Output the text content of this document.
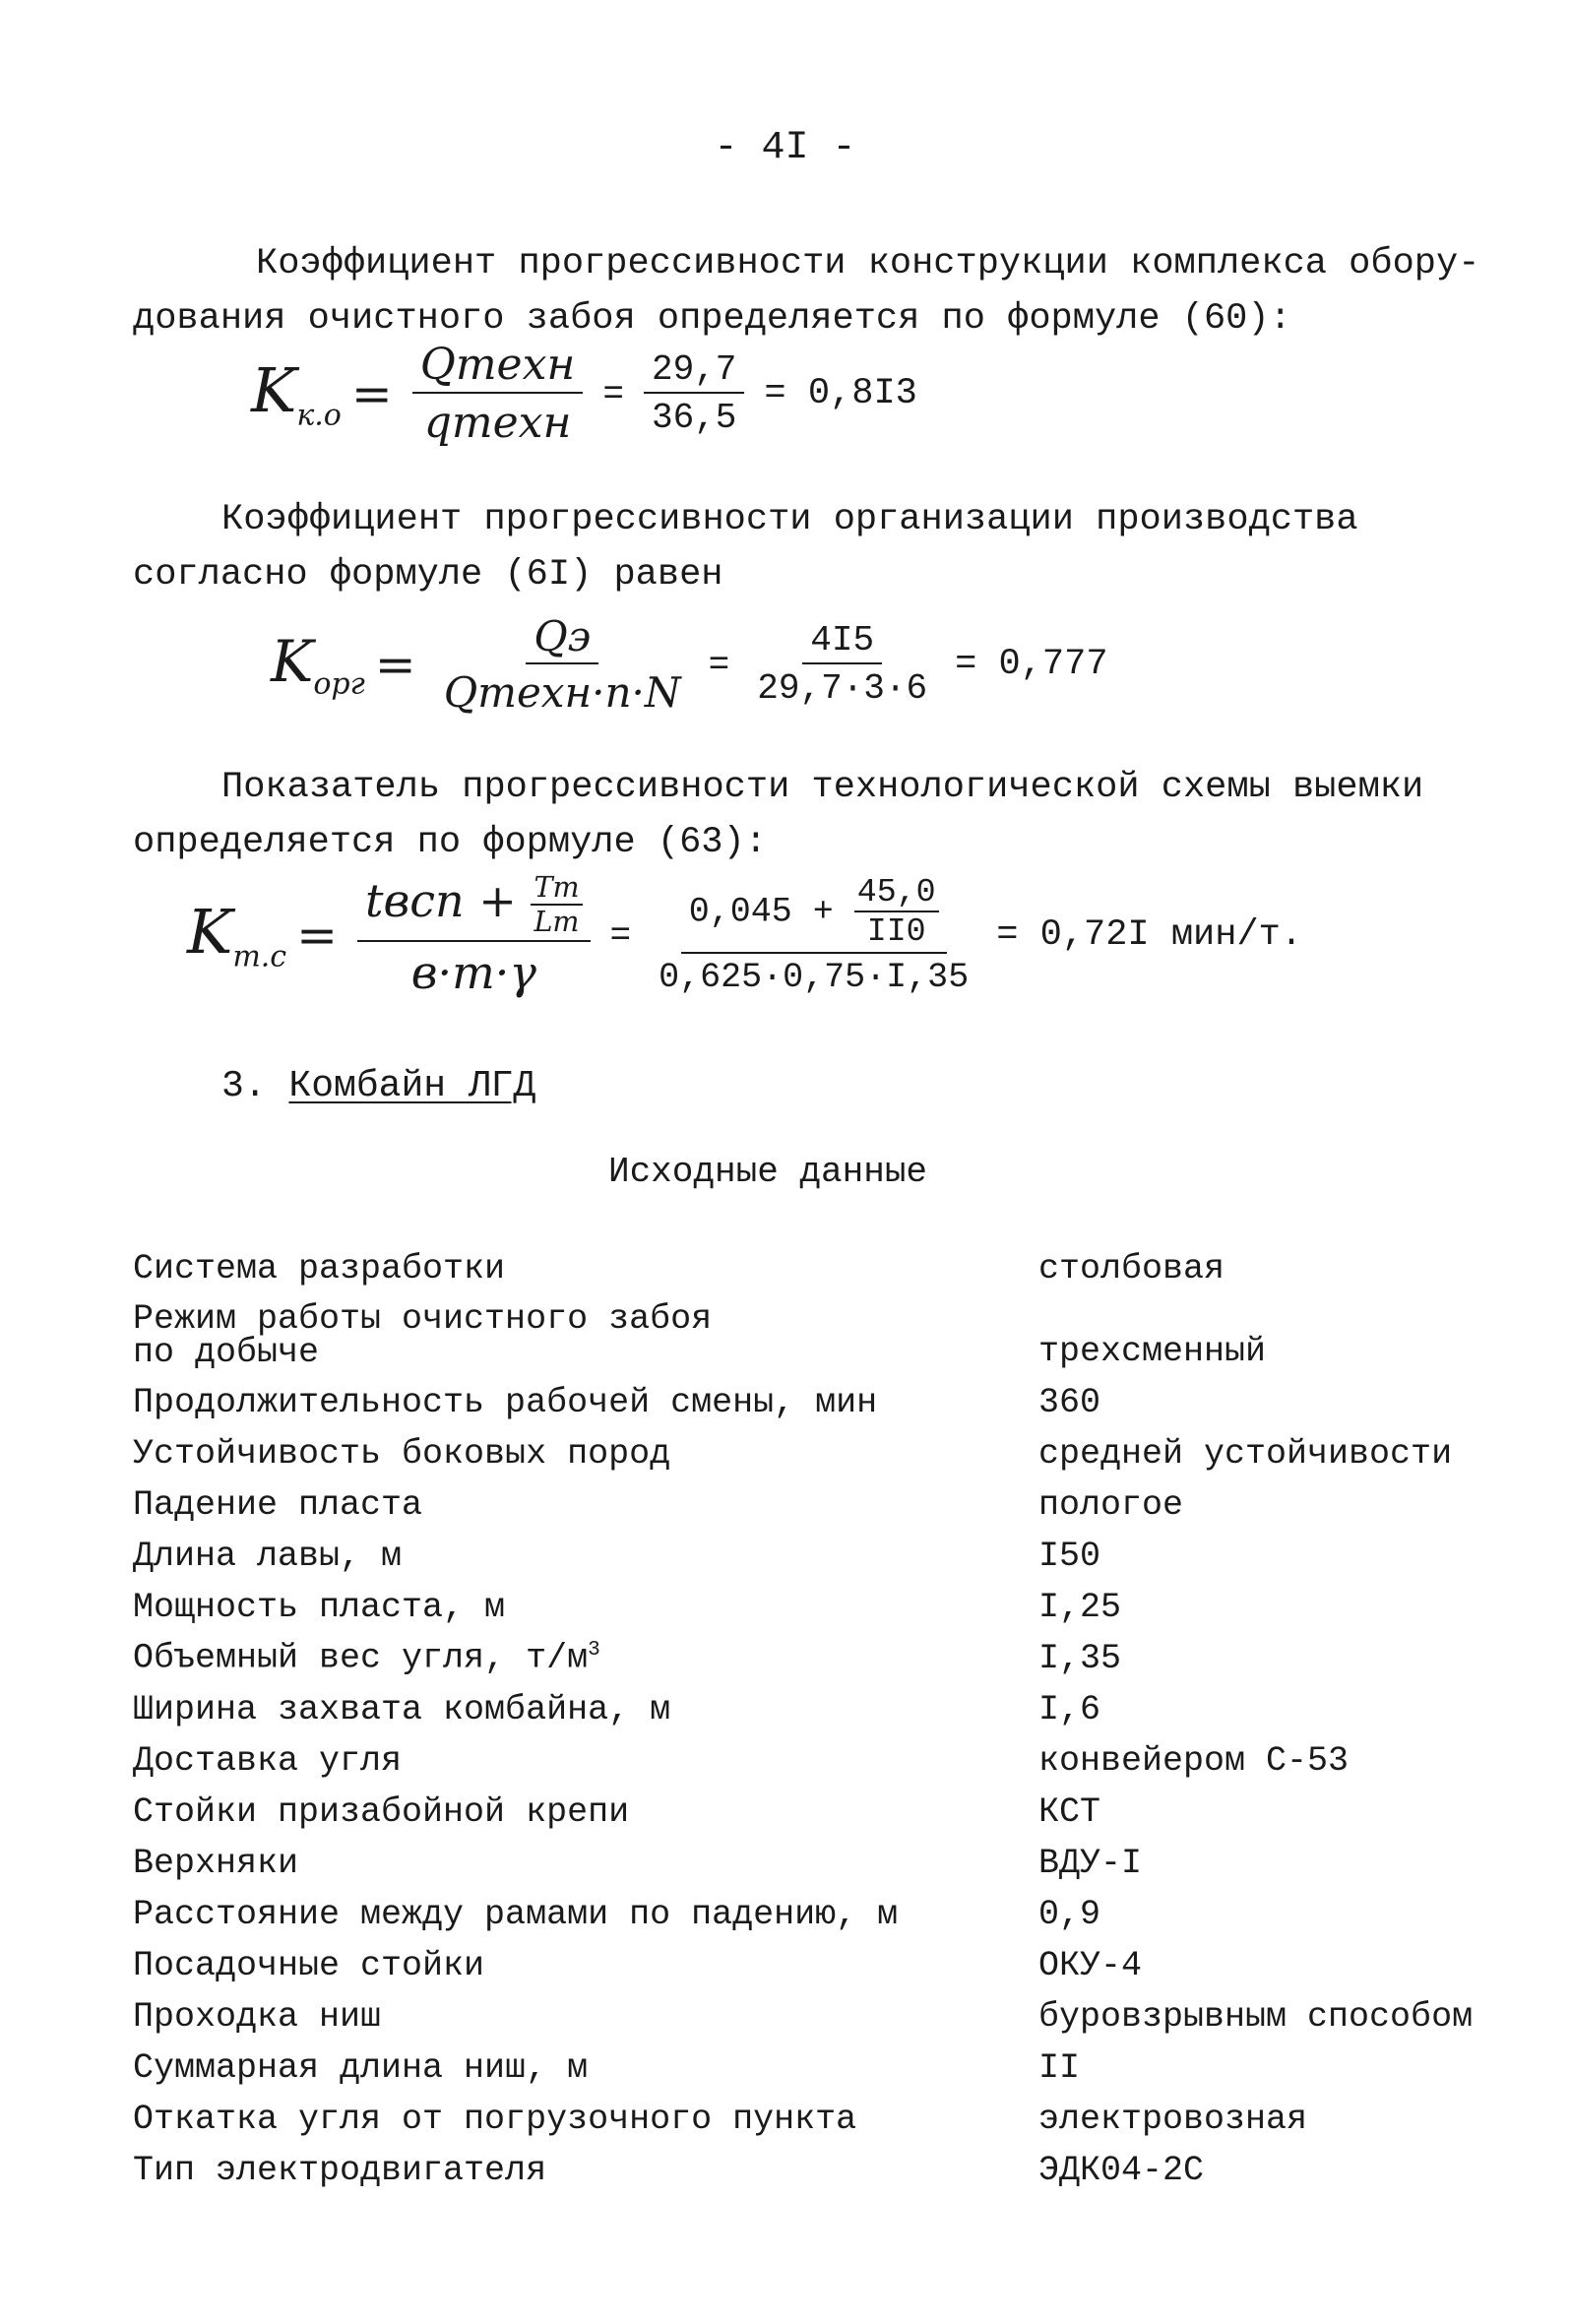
- 4I -
Коэффициент прогрессивности конструкции комплекса обору-
дования очистного забоя определяется по формуле (60):
$K_{к.о} = \frac{\text{Qтехн}}{\text{qтехн}} = \frac{29,7}{36,5} = 0,8I3$
Коэффициент прогрессивности организации производства
согласно формуле (6I) равен
$K_{орг} = \frac{Qэ}{\text{Qтехн·n·N}} = \frac{4I5}{29,7\cdot 3\cdot 6} = 0,777$
Показатель прогрессивности технологической схемы выемки
определяется по формуле (63):
$K_{т.с} = \frac{tвсп + \frac{Tm}{Lm}}{в\cdot m\cdot\gamma} = \frac{0,045 + \frac{45,0}{II0}}{0,625\cdot 0,75\cdot I,35} = 0,72I$ мин/т.
3. Комбайн ЛГД
Исходные данные
Система разработки	столбовая
Режим работы очистного забоя
по добыче	трехсменный
Продолжительность рабочей смены, мин	360
Устойчивость боковых пород	средней устойчивости
Падение пласта	пологое
Длина лавы, м	I50
Мощность пласта, м	I,25
Объемный вес угля, $т/м^3$	I,35
Ширина захвата комбайна, м	I,6
Доставка угля	конвейером С-53
Стойки призабойной крепи	КСТ
Верхняки	ВДУ-I
Расстояние между рамами по падению, м	0,9
Посадочные стойки	ОКУ-4
Проходка ниш	буровзрывным способом
Суммарная длина ниш, м	II
Откатка угля от погрузочного пункта	электровозная
Тип электродвигателя	ЭДК04-2С
